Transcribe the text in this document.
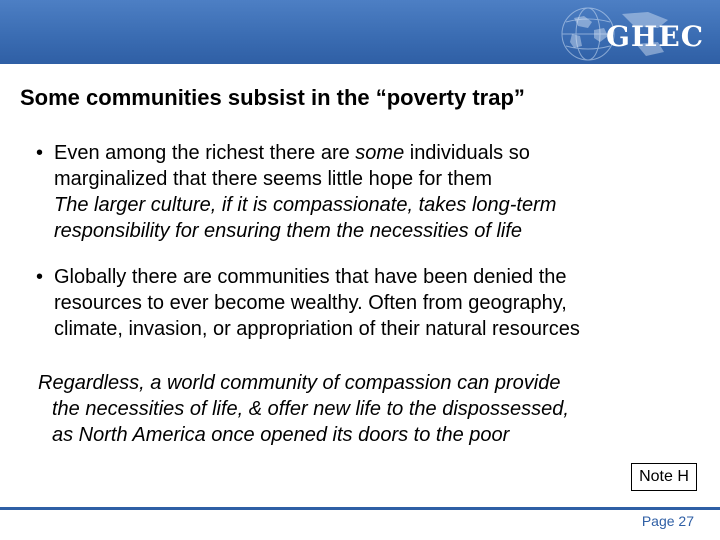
GHEC
Some communities subsist in the “poverty trap”
• Even among the richest there are some individuals so
marginalized that there seems little hope for them
The larger culture, if it is compassionate, takes long-term
responsibility for ensuring them the necessities of life
• Globally there are communities that have been denied the
resources to ever become wealthy. Often from geography,
climate, invasion, or appropriation of their natural resources
Regardless, a world community of compassion can provide
the necessities of life, & offer new life to the dispossessed,
as North America once opened its doors to the poor
Note H
Page 27
